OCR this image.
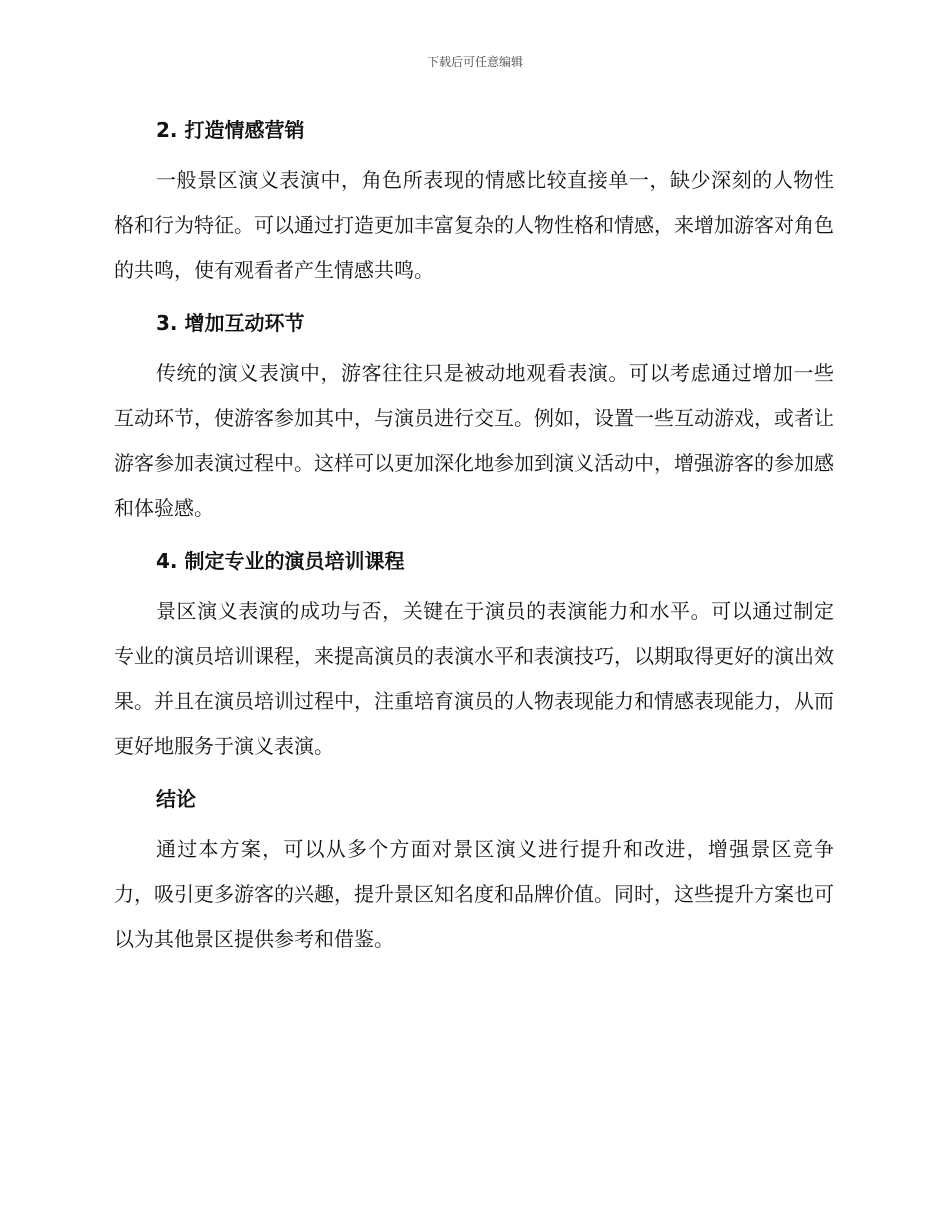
下载后可任意编辑
2. 打造情感营销

一般景区演义表演中，角色所表现的情感比较直接单一，缺少深刻的人物性格和行为特征。可以通过打造更加丰富复杂的人物性格和情感，来增加游客对角色的共鸣，使有观看者产生情感共鸣。

3. 增加互动环节

传统的演义表演中，游客往往只是被动地观看表演。可以考虑通过增加一些互动环节，使游客参加其中，与演员进行交互。例如，设置一些互动游戏，或者让游客参加表演过程中。这样可以更加深化地参加到演义活动中，增强游客的参加感和体验感。

4. 制定专业的演员培训课程

景区演义表演的成功与否，关键在于演员的表演能力和水平。可以通过制定专业的演员培训课程，来提高演员的表演水平和表演技巧，以期取得更好的演出效果。并且在演员培训过程中，注重培育演员的人物表现能力和情感表现能力，从而更好地服务于演义表演。

结论

通过本方案，可以从多个方面对景区演义进行提升和改进，增强景区竞争力，吸引更多游客的兴趣，提升景区知名度和品牌价值。同时，这些提升方案也可以为其他景区提供参考和借鉴。
